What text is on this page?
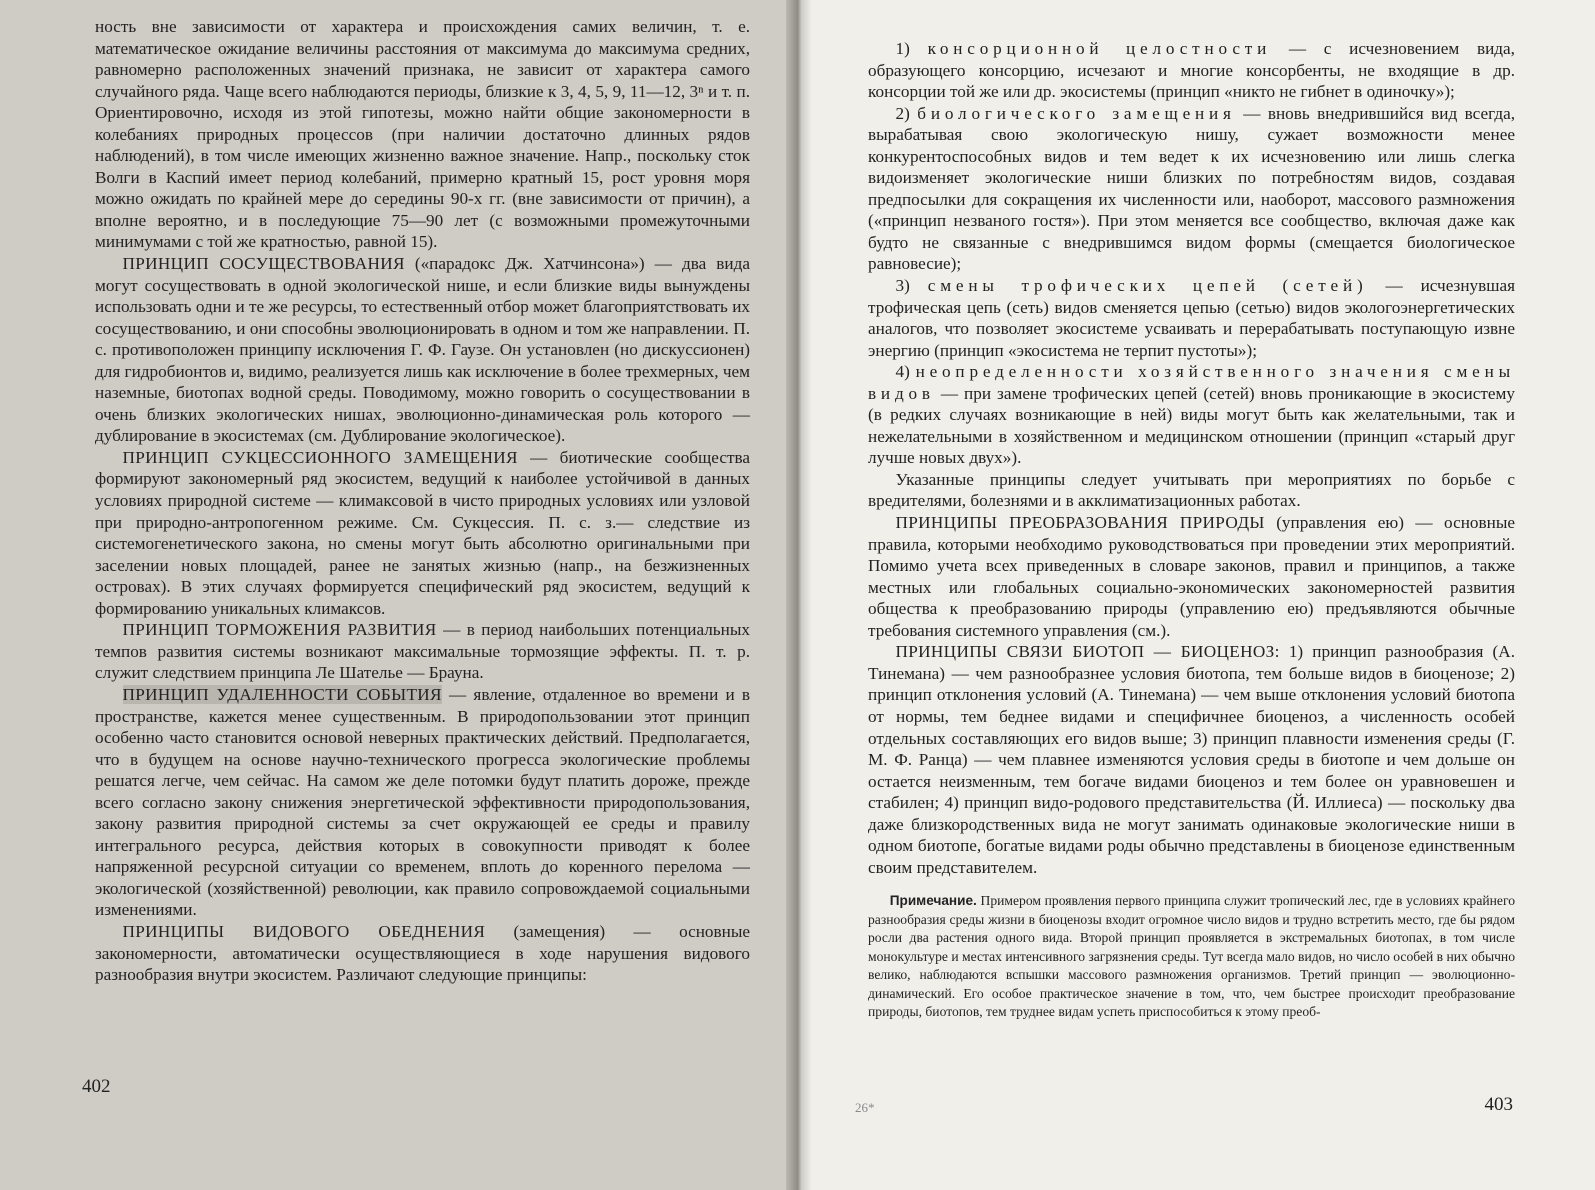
ность вне зависимости от характера и происхождения самих величин, т. е. математическое ожидание величины расстояния от максимума до максимума средних, равномерно расположенных значений признака, не зависит от характера самого случайного ряда. Чаще всего наблюдаются периоды, близкие к 3, 4, 5, 9, 11—12, 3ⁿ и т. п. Ориентировочно, исходя из этой гипотезы, можно найти общие закономерности в колебаниях природных процессов (при наличии достаточно длинных рядов наблюдений), в том числе имеющих жизненно важное значение. Напр., поскольку сток Волги в Каспий имеет период колебаний, примерно кратный 15, рост уровня моря можно ожидать по крайней мере до середины 90-х гг. (вне зависимости от причин), а вполне вероятно, и в последующие 75—90 лет (с возможными промежуточными минимумами с той же кратностью, равной 15).

ПРИНЦИП СОСУЩЕСТВОВАНИЯ («парадокс Дж. Хатчинсона») — два вида могут сосуществовать в одной экологической нише, и если близкие виды вынуждены использовать одни и те же ресурсы, то естественный отбор может благоприятствовать их сосуществованию, и они способны эволюционировать в одном и том же направлении. П. с. противоположен принципу исключения Г. Ф. Гаузе. Он установлен (но дискуссионен) для гидробионтов и, видимо, реализуется лишь как исключение в более трехмерных, чем наземные, биотопах водной среды. Поводимому, можно говорить о сосуществовании в очень близких экологических нишах, эволюционно-динамическая роль которого — дублирование в экосистемах (см. Дублирование экологическое).

ПРИНЦИП СУКЦЕССИОННОГО ЗАМЕЩЕНИЯ — биотические сообщества формируют закономерный ряд экосистем, ведущий к наиболее устойчивой в данных условиях природной системе — климаксовой в чисто природных условиях или узловой при природно-антропогенном режиме. См. Сукцессия. П. с. з.— следствие из системогенетического закона, но смены могут быть абсолютно оригинальными при заселении новых площадей, ранее не занятых жизнью (напр., на безжизненных островах). В этих случаях формируется специфический ряд экосистем, ведущий к формированию уникальных климаксов.

ПРИНЦИП ТОРМОЖЕНИЯ РАЗВИТИЯ — в период наибольших потенциальных темпов развития системы возникают максимальные тормозящие эффекты. П. т. р. служит следствием принципа Ле Шателье — Брауна.

ПРИНЦИП УДАЛЕННОСТИ СОБЫТИЯ — явление, отдаленное во времени и в пространстве, кажется менее существенным. В природопользовании этот принцип особенно часто становится основой неверных практических действий. Предполагается, что в будущем на основе научно-технического прогресса экологические проблемы решатся легче, чем сейчас. На самом же деле потомки будут платить дороже, прежде всего согласно закону снижения энергетической эффективности природопользования, закону развития природной системы за счет окружающей ее среды и правилу интегрального ресурса, действия которых в совокупности приводят к более напряженной ресурсной ситуации со временем, вплоть до коренного перелома — экологической (хозяйственной) революции, как правило сопровождаемой социальными изменениями.

ПРИНЦИПЫ ВИДОВОГО ОБЕДНЕНИЯ (замещения) — основные закономерности, автоматически осуществляющиеся в ходе нарушения видового разнообразия внутри экосистем. Различают следующие принципы:

402

1) консорционной целостности — с исчезновением вида, образующего консорцию, исчезают и многие консорбенты, не входящие в др. консорции той же или др. экосистемы (принцип «никто не гибнет в одиночку»);

2) биологического замещения — вновь внедрившийся вид всегда, вырабатывая свою экологическую нишу, сужает возможности менее конкурентоспособных видов и тем ведет к их исчезновению или лишь слегка видоизменяет экологические ниши близких по потребностям видов, создавая предпосылки для сокращения их численности или, наоборот, массового размножения («принцип незваного гостя»). При этом меняется все сообщество, включая даже как будто не связанные с внедрившимся видом формы (смещается биологическое равновесие);

3) смены трофических цепей (сетей) — исчезнувшая трофическая цепь (сеть) видов сменяется цепью (сетью) видов экологоэнергетических аналогов, что позволяет экосистеме усваивать и перерабатывать поступающую извне энергию (принцип «экосистема не терпит пустоты»);

4) неопределенности хозяйственного значения смены видов — при замене трофических цепей (сетей) вновь проникающие в экосистему (в редких случаях возникающие в ней) виды могут быть как желательными, так и нежелательными в хозяйственном и медицинском отношении (принцип «старый друг лучше новых двух»).

Указанные принципы следует учитывать при мероприятиях по борьбе с вредителями, болезнями и в акклиматизационных работах.

ПРИНЦИПЫ ПРЕОБРАЗОВАНИЯ ПРИРОДЫ (управления ею) — основные правила, которыми необходимо руководствоваться при проведении этих мероприятий. Помимо учета всех приведенных в словаре законов, правил и принципов, а также местных или глобальных социально-экономических закономерностей развития общества к преобразованию природы (управлению ею) предъявляются обычные требования системного управления (см.).

ПРИНЦИПЫ СВЯЗИ БИОТОП — БИОЦЕНОЗ: 1) принцип разнообразия (А. Тинемана) — чем разнообразнее условия биотопа, тем больше видов в биоценозе; 2) принцип отклонения условий (А. Тинемана) — чем выше отклонения условий биотопа от нормы, тем беднее видами и специфичнее биоценоз, а численность особей отдельных составляющих его видов выше; 3) принцип плавности изменения среды (Г. М. Ф. Ранца) — чем плавнее изменяются условия среды в биотопе и чем дольше он остается неизменным, тем богаче видами биоценоз и тем более он уравновешен и стабилен; 4) принцип видо-родового представительства (Й. Иллиеса) — поскольку два даже близкородственных вида не могут занимать одинаковые экологические ниши в одном биотопе, богатые видами роды обычно представлены в биоценозе единственным своим представителем.

Примечание. Примером проявления первого принципа служит тропический лес, где в условиях крайнего разнообразия среды жизни в биоценозы входит огромное число видов и трудно встретить место, где бы рядом росли два растения одного вида. Второй принцип проявляется в экстремальных биотопах, в том числе монокультуре и местах интенсивного загрязнения среды. Тут всегда мало видов, но число особей в них обычно велико, наблюдаются вспышки массового размножения организмов. Третий принцип — эволюционно-динамический. Его особое практическое значение в том, что, чем быстрее происходит преобразование природы, биотопов, тем труднее видам успеть приспособиться к этому преоб-

403
26*
